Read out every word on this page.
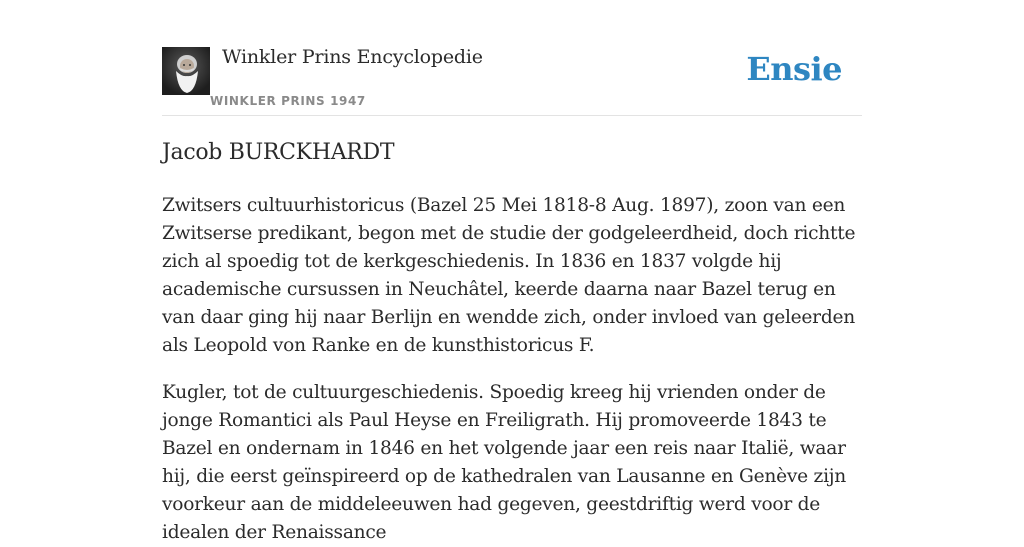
Winkler Prins Encyclopedie
WINKLER PRINS 1947
Ensie
Jacob BURCKHARDT

Zwitsers cultuurhistoricus (Bazel 25 Mei 1818-8 Aug. 1897), zoon van een Zwitserse predikant, begon met de studie der godgeleerdheid, doch richtte zich al spoedig tot de kerkgeschiedenis. In 1836 en 1837 volgde hij academische cursussen in Neuchâtel, keerde daarna naar Bazel terug en van daar ging hij naar Berlijn en wendde zich, onder invloed van geleerden als Leopold von Ranke en de kunsthistoricus F.

Kugler, tot de cultuurgeschiedenis. Spoedig kreeg hij vrienden onder de jonge Romantici als Paul Heyse en Freiligrath. Hij promoveerde 1843 te Bazel en ondernam in 1846 en het volgende jaar een reis naar Italië, waar hij, die eerst geïnspireerd op de kathedralen van Lausanne en Genève zijn voorkeur aan de middeleeuwen had gegeven, geestdriftig werd voor de idealen der Renaissance
